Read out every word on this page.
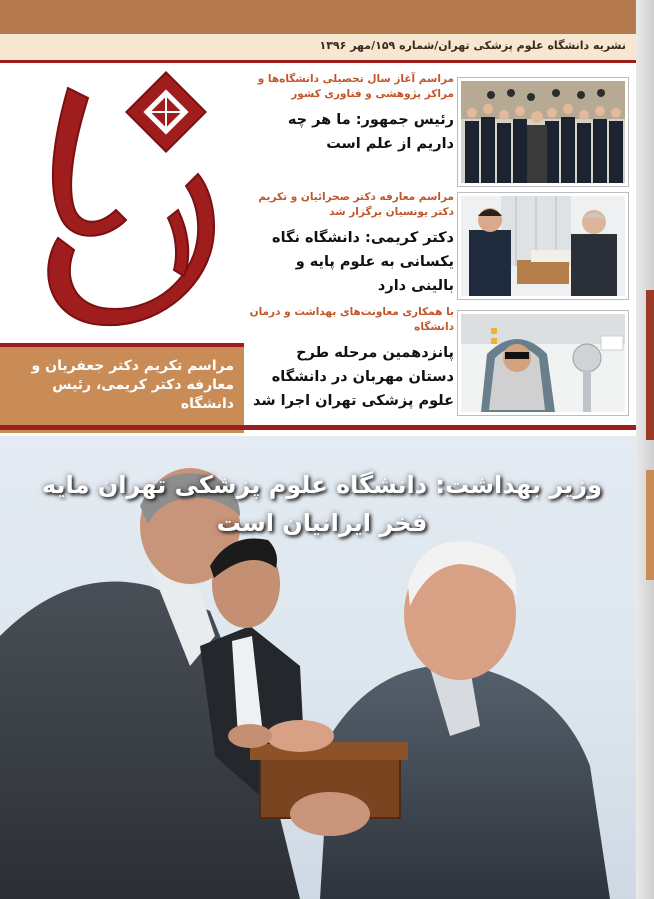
نشریه دانشگاه علوم پزشکی تهران/شماره ۱۵۹/مهر ۱۳۹۶
مراسم تکریم دکتر جعفریان و معارفه دکتر کریمی، رئیس دانشگاه
مراسم آغاز سال تحصیلی دانشگاه‌ها و مراکز پژوهشی و فناوری کشور
رئیس جمهور: ما هر چه داریم از علم است
مراسم معارفه دکتر صحرائیان و تکریم دکتر یونسیان برگزار شد
دکتر کریمی: دانشگاه نگاه یکسانی به علوم پایه و بالینی دارد
با همکاری معاونت‌های بهداشت و درمان دانشگاه
پانزدهمین مرحله طرح دستان مهربان در دانشگاه علوم پزشکی تهران اجرا شد
وزیر بهداشت: دانشگاه علوم پزشکی تهران مایه فخر ایرانیان است
